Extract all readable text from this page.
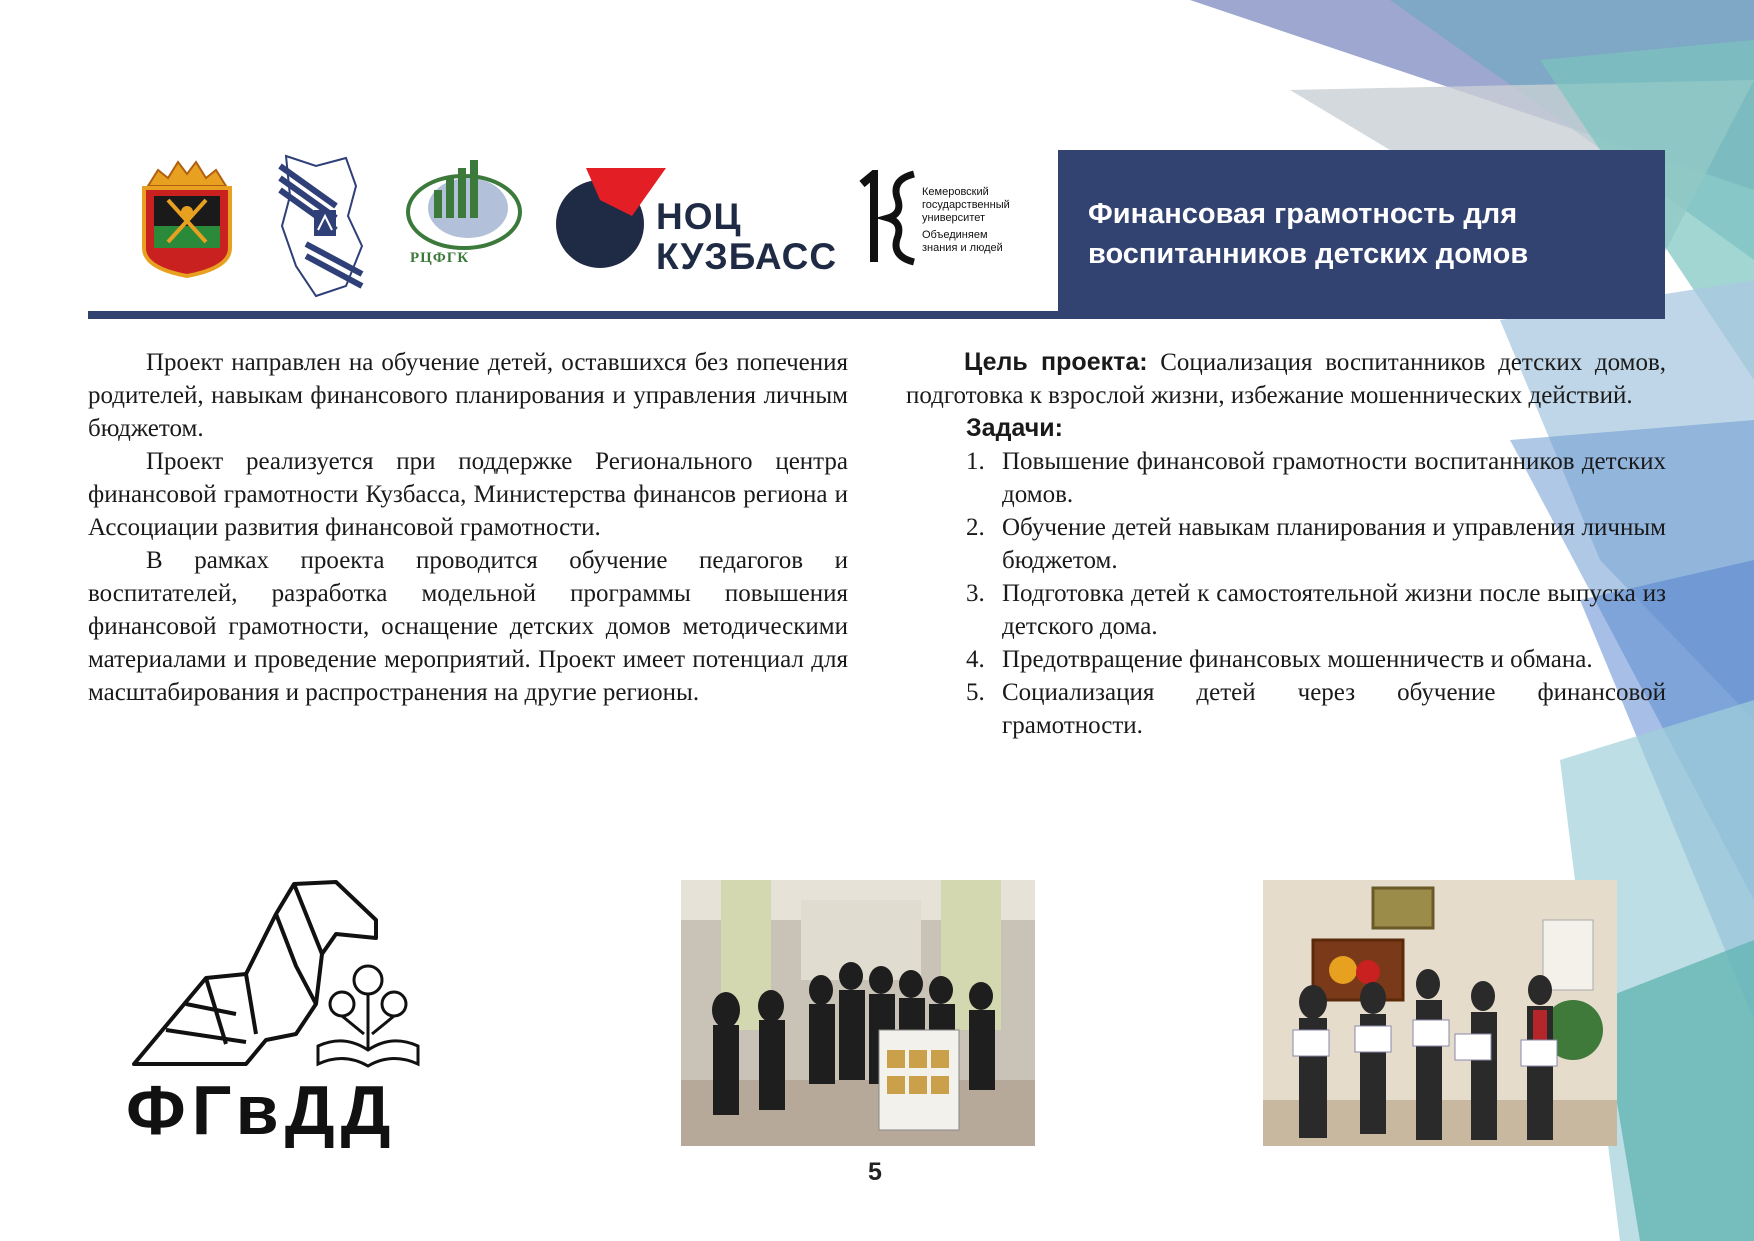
РЦФГК
НОЦ
КУЗБАСС
Кемеровский
государственный
университет
Объединяем
знания и людей
Финансовая грамотность для
воспитанников детских домов

Проект направлен на обучение детей, оставшихся без попечения родителей, навыкам финансового планирования и управления личным бюджетом.

Проект реализуется при поддержке Регионального центра финансовой грамотности Кузбасса, Министерства финансов региона и Ассоциации развития финансовой грамотности.

В рамках проекта проводится обучение педагогов и воспитателей, разработка модельной программы повышения финансовой грамотности, оснащение детских домов методическими материалами и проведение мероприятий. Проект имеет потенциал для масштабирования и распространения на другие регионы.

Цель проекта: Социализация воспитанников детских домов, подготовка к взрослой жизни, избежание мошеннических действий.

Задачи:
1. Повышение финансовой грамотности воспитанников детских домов.
2. Обучение детей навыкам планирования и управления личным бюджетом.
3. Подготовка детей к самостоятельной жизни после выпуска из детского дома.
4. Предотвращение финансовых мошенничеств и обмана.
5. Социализация детей через обучение финансовой грамотности.
ФГвДД
5
